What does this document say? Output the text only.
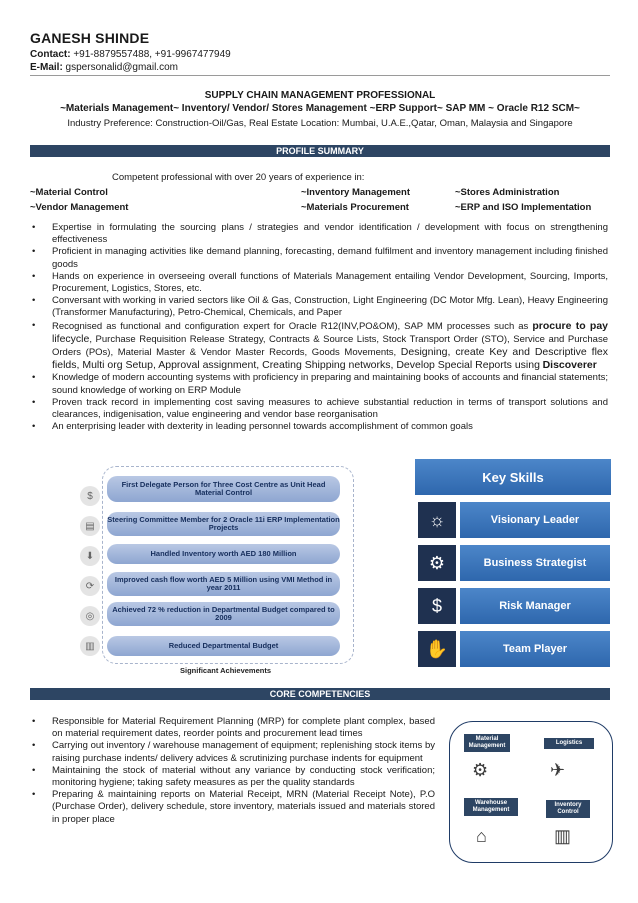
GANESH SHINDE
Contact: +91-8879557488, +91-9967477949
E-Mail: gspersonalid@gmail.com
SUPPLY CHAIN MANAGEMENT PROFESSIONAL
~Materials Management~ Inventory/ Vendor/ Stores Management ~ERP Support~ SAP MM ~ Oracle R12 SCM~
Industry Preference: Construction-Oil/Gas, Real Estate Location: Mumbai, U.A.E.,Qatar, Oman, Malaysia and Singapore
PROFILE SUMMARY
Competent professional with over 20 years of experience in:
~Material Control	~Inventory Management	~Stores Administration
~Vendor Management	~Materials Procurement	~ERP and ISO Implementation
• Expertise in formulating the sourcing plans / strategies and vendor identification / development with focus on strengthening effectiveness
• Proficient in managing activities like demand planning, forecasting, demand fulfilment and inventory management including finished goods
• Hands on experience in overseeing overall functions of Materials Management entailing Vendor Development, Sourcing, Imports, Procurement, Logistics, Stores, etc.
• Conversant with working in varied sectors like Oil & Gas, Construction, Light Engineering (DC Motor Mfg. Lean), Heavy Engineering (Transformer Manufacturing), Petro-Chemical, Chemicals, and Paper
• Recognised as functional and configuration expert for Oracle R12(INV,PO&OM), SAP MM processes such as procure to pay lifecycle, Purchase Requisition Release Strategy, Contracts & Source Lists, Stock Transport Order (STO), Service and Purchase Orders (POs), Material Master & Vendor Master Records, Goods Movements, Designing, create Key and Descriptive flex fields, Multi org Setup, Approval assignment, Creating Shipping networks, Develop Special Reports using Discoverer
• Knowledge of modern accounting systems with proficiency in preparing and maintaining books of accounts and financial statements; sound knowledge of working on ERP Module
• Proven track record in implementing cost saving measures to achieve substantial reduction in terms of transport solutions and clearances, indigenisation, value engineering and vendor base reorganisation
• An enterprising leader with dexterity in leading personnel towards accomplishment of common goals
$
First Delegate Person for Three Cost Centre as Unit Head Material Control
▤
Steering Committee Member for 2 Oracle 11i ERP Implementation Projects
⬇	Handled Inventory worth AED 180 Million
⟳
Improved cash flow worth AED 5 Million using VMI Method in year 2011
◎
Achieved 72 % reduction in Departmental Budget compared to 2009
▥	Reduced Departmental Budget
Significant Achievements
Key Skills
☼	Visionary Leader
⚙	Business Strategist
$	Risk Manager
✋	Team Player
CORE COMPETENCIES
• Responsible for Material Requirement Planning (MRP) for complete plant complex, based on material requirement dates, reorder points and procurement lead times
• Carrying out inventory / warehouse management of equipment; replenishing stock items by raising purchase indents/ delivery advices & scrutinizing purchase indents for equipment
• Maintaining the stock of material without any variance by conducting stock verification; monitoring hygiene; taking safety measures as per the quality standards
• Preparing & maintaining reports on Material Receipt, MRN (Material Receipt Note), P.O (Purchase Order), delivery schedule, store inventory, materials issued and materials stored in proper place
Material Management	Logistics
⚙	✈
Warehouse Management
Inventory Control
⌂	▥
